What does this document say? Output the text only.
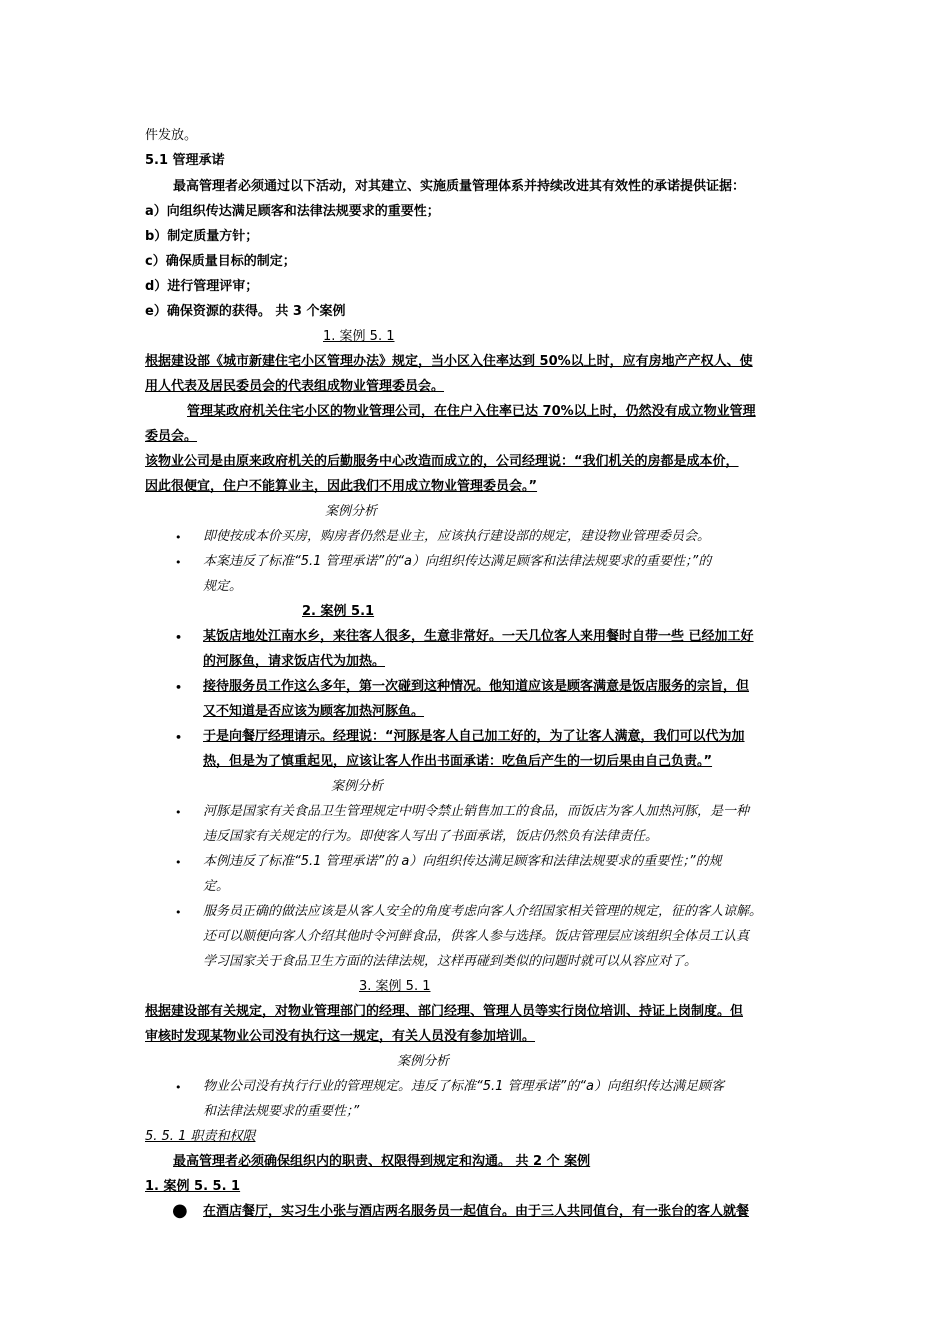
件发放。
5.1 管理承诺
最高管理者必须通过以下活动，对其建立、实施质量管理体系并持续改进其有效性的承诺提供证据：
a）向组织传达满足顾客和法律法规要求的重要性；
b）制定质量方针；
c）确保质量目标的制定；
d）进行管理评审；
e）确保资源的获得。 共 3 个案例
1. 案例 5. 1
根据建设部《城市新建住宅小区管理办法》规定，当小区入住率达到 50%以上时，应有房地产产权人、使
用人代表及居民委员会的代表组成物业管理委员会。
管理某政府机关住宅小区的物业管理公司，在住户入住率已达 70%以上时，仍然没有成立物业管理
委员会。
该物业公司是由原来政府机关的后勤服务中心改造而成立的，公司经理说：“我们机关的房都是成本价，
因此很便宜，住户不能算业主，因此我们不用成立物业管理委员会。”
案例分析
• 即使按成本价买房，购房者仍然是业主，应该执行建设部的规定，建设物业管理委员会。
• 本案违反了标准“5.1 管理承诺”的“a）向组织传达满足顾客和法律法规要求的重要性；”的
规定。
2. 案例 5.1
• 某饭店地处江南水乡，来往客人很多，生意非常好。一天几位客人来用餐时自带一些 已经加工好
的河豚鱼，请求饭店代为加热。
• 接待服务员工作这么多年，第一次碰到这种情况。他知道应该是顾客满意是饭店服务的宗旨，但
又不知道是否应该为顾客加热河豚鱼。
• 于是向餐厅经理请示。经理说：“河豚是客人自己加工好的，为了让客人满意，我们可以代为加
热，但是为了慎重起见，应该让客人作出书面承诺：吃鱼后产生的一切后果由自己负责。”
案例分析
• 河豚是国家有关食品卫生管理规定中明令禁止销售加工的食品，而饭店为客人加热河豚，是一种
违反国家有关规定的行为。即使客人写出了书面承诺，饭店仍然负有法律责任。
• 本例违反了标准“5.1 管理承诺”的 a）向组织传达满足顾客和法律法规要求的重要性；”的规
定。
• 服务员正确的做法应该是从客人安全的角度考虑向客人介绍国家相关管理的规定，征的客人谅解。
还可以顺便向客人介绍其他时令河鲜食品，供客人参与选择。饭店管理层应该组织全体员工认真
学习国家关于食品卫生方面的法律法规，这样再碰到类似的问题时就可以从容应对了。
3. 案例 5. 1
根据建设部有关规定，对物业管理部门的经理、部门经理、管理人员等实行岗位培训、持证上岗制度。但
审核时发现某物业公司没有执行这一规定，有关人员没有参加培训。
案例分析
• 物业公司没有执行行业的管理规定。违反了标准“5.1 管理承诺”的“a）向组织传达满足顾客
和法律法规要求的重要性；”
5. 5. 1 职责和权限
最高管理者必须确保组织内的职责、权限得到规定和沟通。 共 2 个 案例
1. 案例 5. 5. 1
● 在酒店餐厅，实习生小张与酒店两名服务员一起值台。由于三人共同值台，有一张台的客人就餐
